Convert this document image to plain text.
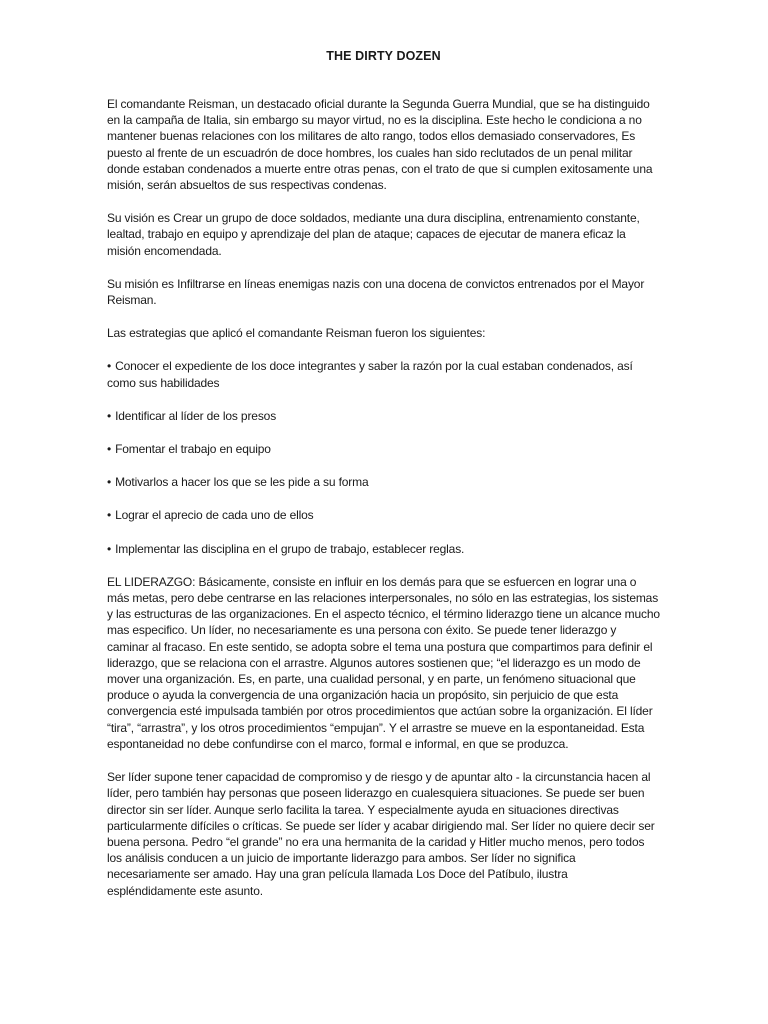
THE DIRTY DOZEN

El comandante Reisman, un destacado oficial durante la Segunda Guerra Mundial, que se ha distinguido en la campaña de Italia, sin embargo su mayor virtud, no es la disciplina. Este hecho le condiciona a no mantener buenas relaciones con los militares de alto rango, todos ellos demasiado conservadores, Es puesto al frente de un escuadrón de doce hombres, los cuales han sido reclutados de un penal militar donde estaban condenados a muerte entre otras penas, con el trato de que si cumplen exitosamente una misión, serán absueltos de sus respectivas condenas.

Su visión es Crear un grupo de doce soldados, mediante una dura disciplina, entrenamiento constante, lealtad, trabajo en equipo y aprendizaje del plan de ataque; capaces de ejecutar de manera eficaz la misión encomendada.

Su misión es Infiltrarse en líneas enemigas nazis con una docena de convictos entrenados por el Mayor Reisman.

Las estrategias que aplicó el comandante Reisman fueron los siguientes:

• Conocer el expediente de los doce integrantes y saber la razón por la cual estaban condenados, así como sus habilidades
• Identificar al líder de los presos
• Fomentar el trabajo en equipo
• Motivarlos a hacer los que se les pide a su forma
• Lograr el aprecio de cada uno de ellos
• Implementar las disciplina en el grupo de trabajo, establecer reglas.

EL LIDERAZGO: Básicamente, consiste en influir en los demás para que se esfuercen en lograr una o más metas, pero debe centrarse en las relaciones interpersonales, no sólo en las estrategias, los sistemas y las estructuras de las organizaciones. En el aspecto técnico, el término liderazgo tiene un alcance mucho mas especifico. Un líder, no necesariamente es una persona con éxito. Se puede tener liderazgo y caminar al fracaso. En este sentido, se adopta sobre el tema una postura que compartimos para definir el liderazgo, que se relaciona con el arrastre. Algunos autores sostienen que; “el liderazgo es un modo de mover una organización. Es, en parte, una cualidad personal, y en parte, un fenómeno situacional que produce o ayuda la convergencia de una organización hacia un propósito, sin perjuicio de que esta convergencia esté impulsada también por otros procedimientos que actúan sobre la organización. El líder “tira”, “arrastra”, y los otros procedimientos “empujan”. Y el arrastre se mueve en la espontaneidad. Esta espontaneidad no debe confundirse con el marco, formal e informal, en que se produzca.

Ser líder supone tener capacidad de compromiso y de riesgo y de apuntar alto - la circunstancia hacen al líder, pero también hay personas que poseen liderazgo en cualesquiera situaciones. Se puede ser buen director sin ser líder. Aunque serlo facilita la tarea. Y especialmente ayuda en situaciones directivas particularmente difíciles o críticas. Se puede ser líder y acabar dirigiendo mal. Ser líder no quiere decir ser buena persona. Pedro “el grande” no era una hermanita de la caridad y Hitler mucho menos, pero todos los análisis conducen a un juicio de importante liderazgo para ambos. Ser líder no significa necesariamente ser amado. Hay una gran película llamada Los Doce del Patíbulo, ilustra espléndidamente este asunto.
